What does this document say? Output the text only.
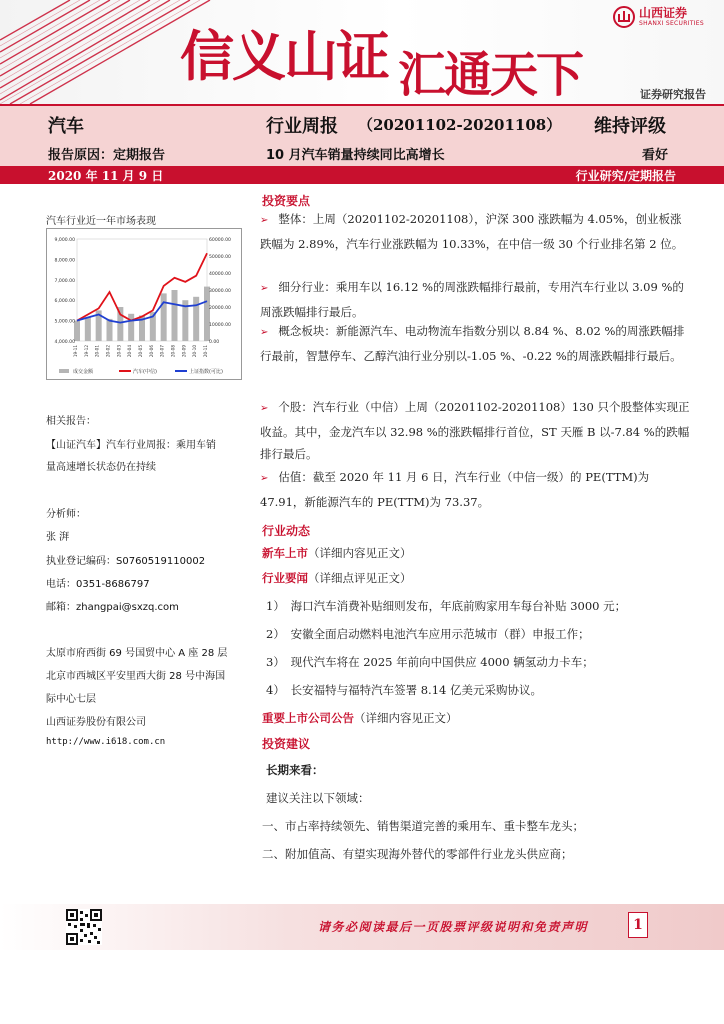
信义山证 汇通天下
山西证券
SHANXI SECURITIES
证券研究报告
汽车	行业周报 （20201102-20201108） 维持评级
报告原因：定期报告	10 月汽车销量持续同比高增长	看好
2020 年 11 月 9 日	行业研究/定期报告
汽车行业近一年市场表现
9,000.00
8,000.00
7,000.00
6,000.00
5,000.00
4,000.00
60000.00
50000.00
40000.00
30000.00
20000.00
10000.00
0.00
19-11 19-12 20-01 20-02 20-03 20-04 20-05 20-06 20-07 20-08 20-09 20-10 20-11
成交金额	汽车(中信)	上证指数(可比)
相关报告：
【山证汽车】汽车行业周报：乘用车销
量高速增长状态仍在持续
分析师：
张 湃
执业登记编码：S0760519110002
电话：0351-8686797
邮箱：zhangpai@sxzq.com
太原市府西街 69 号国贸中心 A 座 28 层
北京市西城区平安里西大街 28 号中海国
际中心七层
山西证券股份有限公司
http://www.i618.com.cn
投资要点
➢ 整体：上周（20201102-20201108），沪深 300 涨跌幅为 4.05%，创业板涨跌幅为 2.89%，汽车行业涨跌幅为 10.33%，在中信一级 30 个行业排名第 2 位。
➢ 细分行业：乘用车以 16.12 %的周涨跌幅排行最前，专用汽车行业以 3.09 %的周涨跌幅排行最后。
➢ 概念板块：新能源汽车、电动物流车指数分别以 8.84 %、8.02 %的周涨跌幅排行最前，智慧停车、乙醇汽油行业分别以-1.05 %、-0.22 %的周涨跌幅排行最后。
➢ 个股：汽车行业（中信）上周（20201102-20201108）130 只个股整体实现正收益。其中，金龙汽车以 32.98 %的涨跌幅排行首位，ST 天雁 B 以-7.84 %的跌幅排行最后。
➢ 估值：截至 2020 年 11 月 6 日，汽车行业（中信一级）的 PE(TTM)为 47.91，新能源汽车的 PE(TTM)为 73.37。
行业动态
新车上市（详细内容见正文）
行业要闻（详细点评见正文）
1）　海口汽车消费补贴细则发布，年底前购家用车每台补贴 3000 元；
2）　安徽全面启动燃料电池汽车应用示范城市（群）申报工作；
3）　现代汽车将在 2025 年前向中国供应 4000 辆氢动力卡车；
4）　长安福特与福特汽车签署 8.14 亿美元采购协议。
重要上市公司公告（详细内容见正文）
投资建议
长期来看：
建议关注以下领域：
一、市占率持续领先、销售渠道完善的乘用车、重卡整车龙头；
二、附加值高、有望实现海外替代的零部件行业龙头供应商；
请务必阅读最后一页股票评级说明和免责声明	1
